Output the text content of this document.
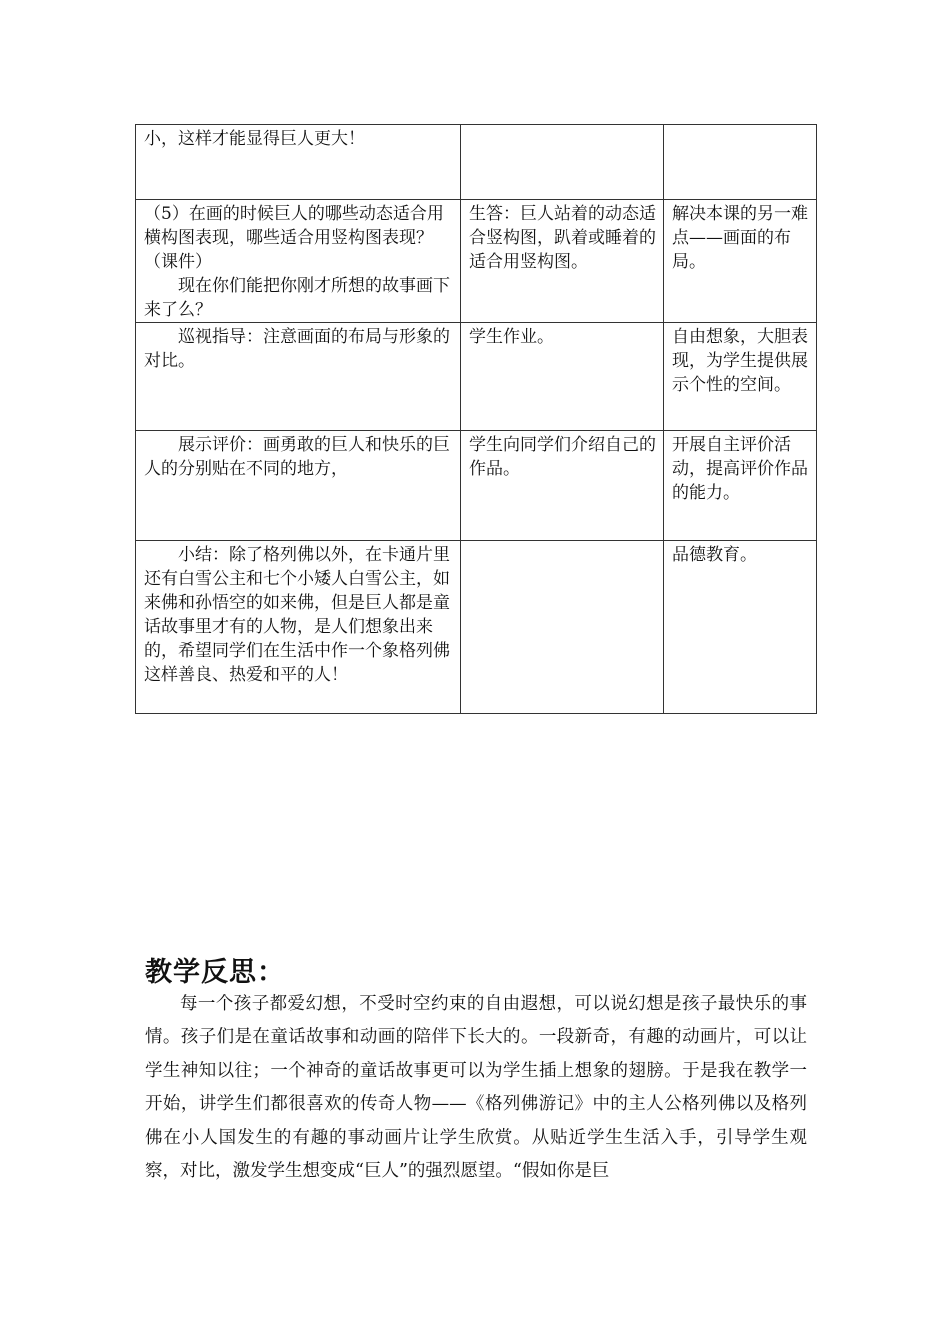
小，这样才能显得巨人更大！		

（5）在画的时候巨人的哪些动态适合用横构图表现，哪些适合用竖构图表现？（课件）
现在你们能把你刚才所想的故事画下来了么？	生答：巨人站着的动态适合竖构图，趴着或睡着的适合用竖构图。	解决本课的另一难点——画面的布局。

巡视指导：注意画面的布局与形象的对比。	学生作业。	自由想象，大胆表现，为学生提供展示个性的空间。

展示评价：画勇敢的巨人和快乐的巨人的分别贴在不同的地方，	学生向同学们介绍自己的作品。	开展自主评价活动，提高评价作品的能力。

小结：除了格列佛以外，在卡通片里还有白雪公主和七个小矮人白雪公主，如来佛和孙悟空的如来佛，但是巨人都是童话故事里才有的人物，是人们想象出来的，希望同学们在生活中作一个象格列佛这样善良、热爱和平的人！		品德教育。
教学反思：

每一个孩子都爱幻想，不受时空约束的自由遐想，可以说幻想是孩子最快乐的事情。孩子们是在童话故事和动画的陪伴下长大的。一段新奇，有趣的动画片，可以让学生神知以往；一个神奇的童话故事更可以为学生插上想象的翅膀。于是我在教学一开始，讲学生们都很喜欢的传奇人物——《格列佛游记》中的主人公格列佛以及格列佛在小人国发生的有趣的事动画片让学生欣赏。从贴近学生生活入手，引导学生观察，对比，激发学生想变成“巨人”的强烈愿望。“假如你是巨
